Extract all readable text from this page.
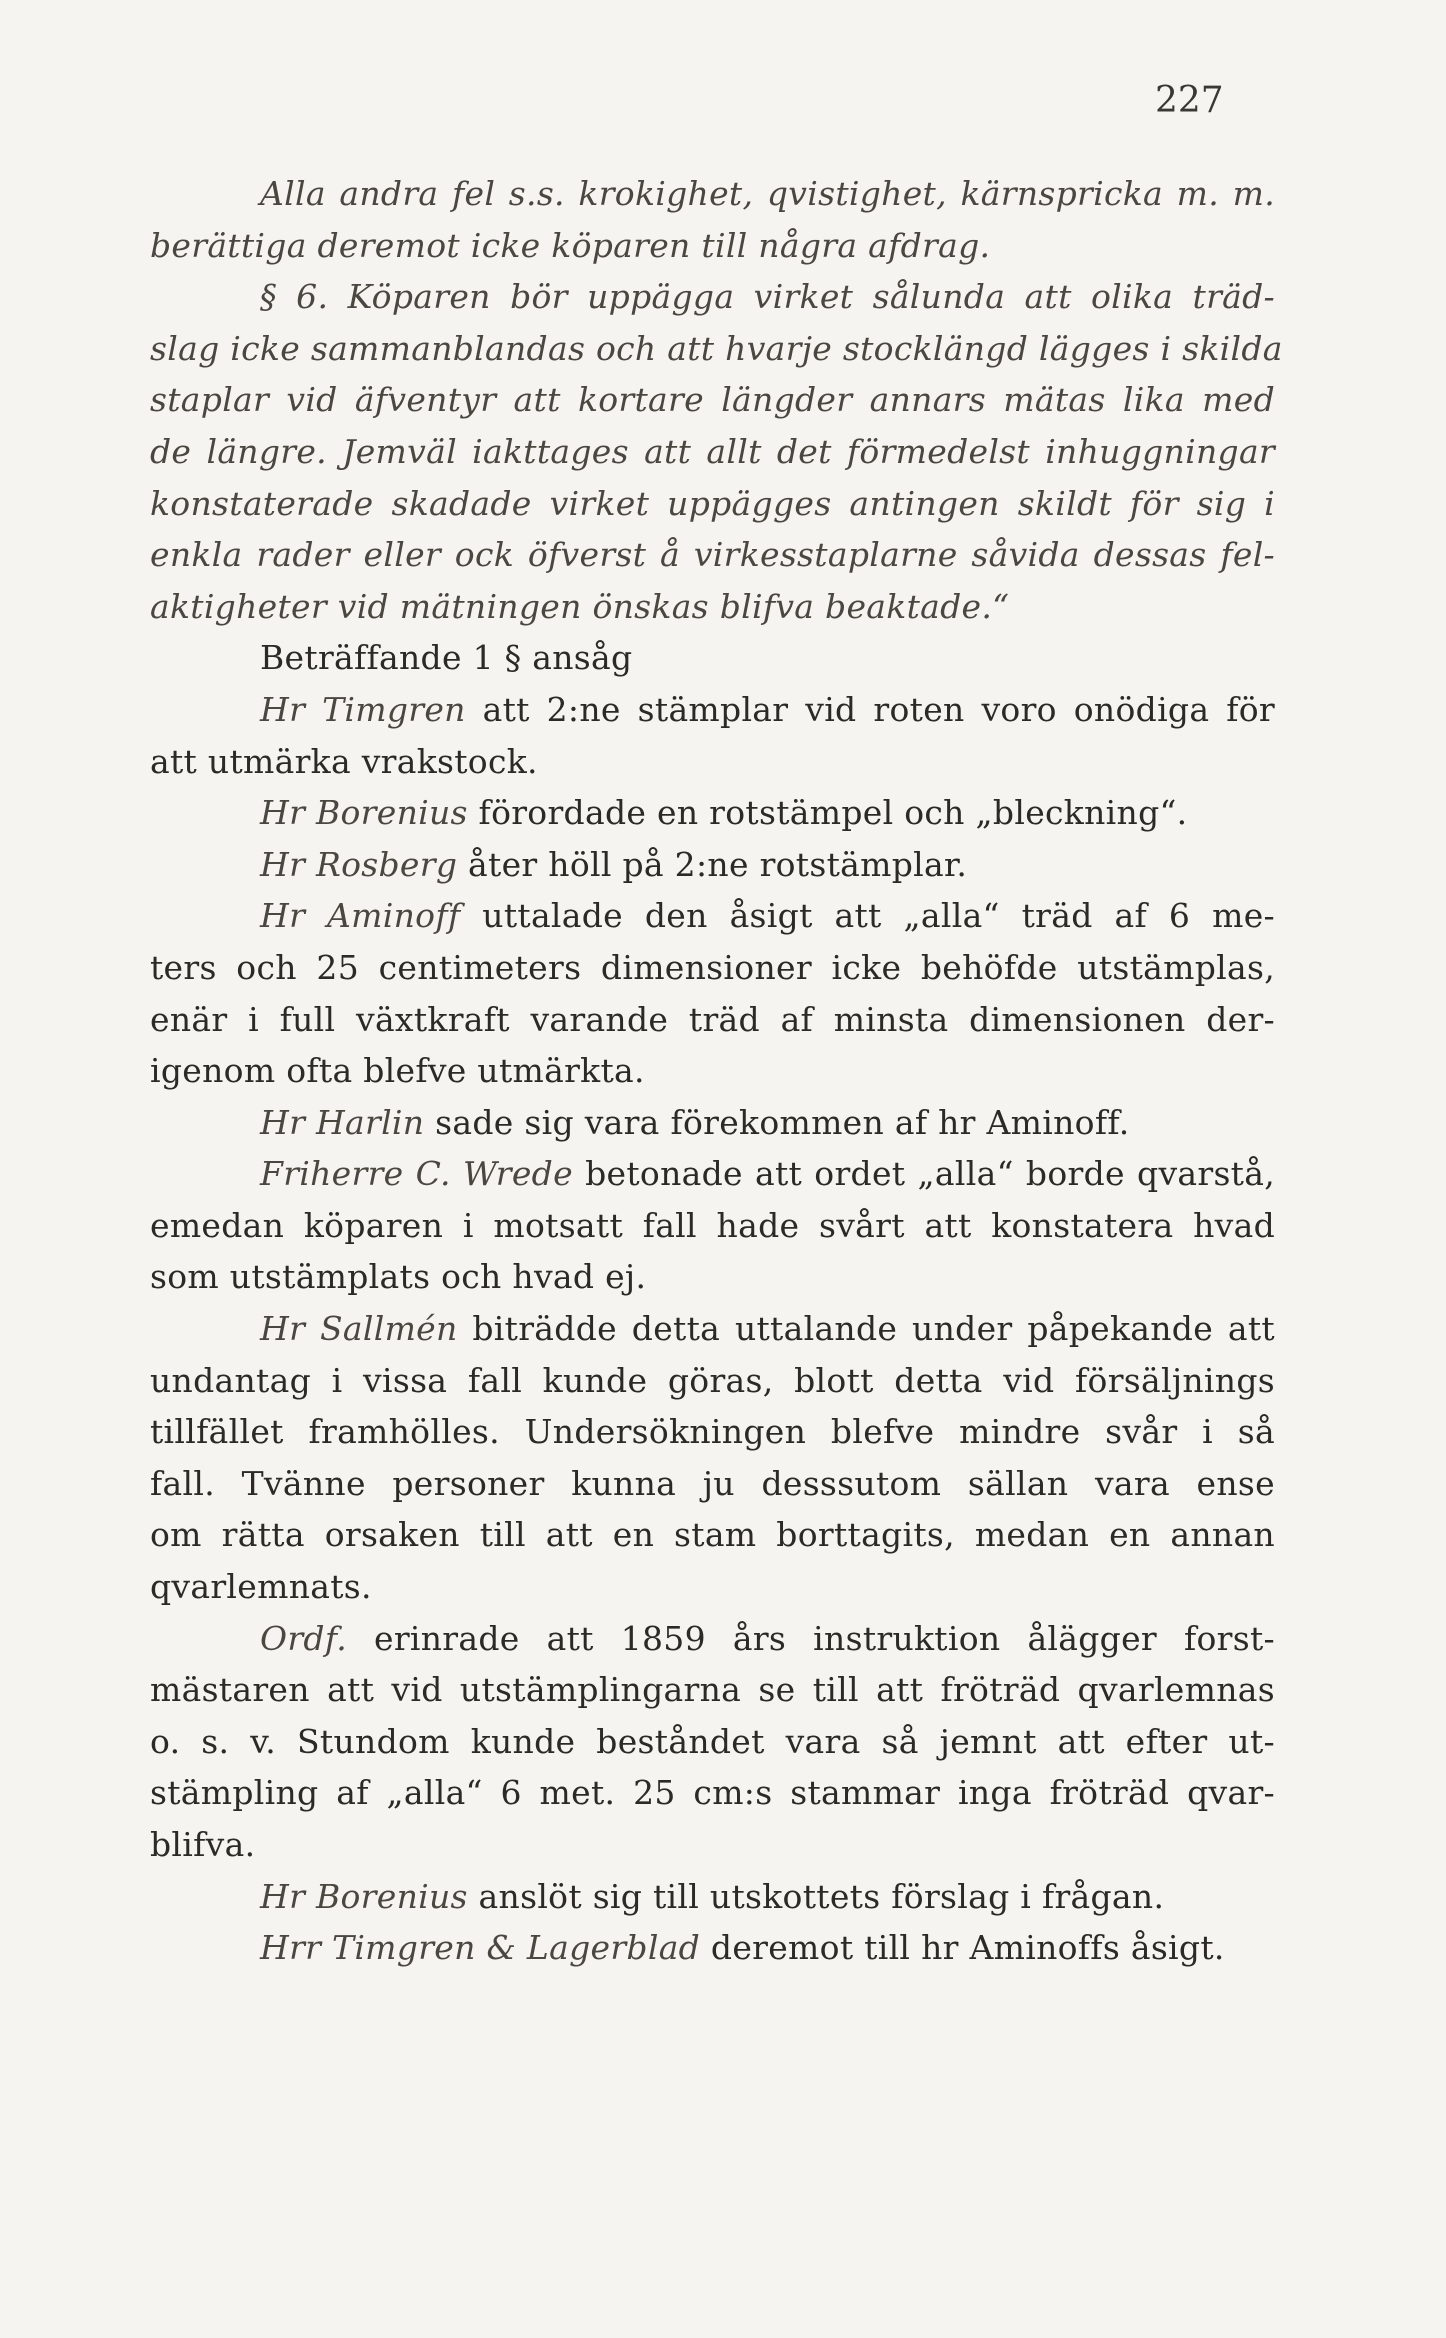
227
Alla andra fel s.s. krokighet, qvistighet, kärnspricka m. m.
berättiga deremot icke köparen till några afdrag.
§ 6. Köparen bör uppägga virket sålunda att olika träd-
slag icke sammanblandas och att hvarje stocklängd lägges i skilda
staplar vid äfventyr att kortare längder annars mätas lika med
de längre. Jemväl iakttages att allt det förmedelst inhuggningar
konstaterade skadade virket uppägges antingen skildt för sig i
enkla rader eller ock öfverst å virkesstaplarne såvida dessas fel-
aktigheter vid mätningen önskas blifva beaktade.“
Beträffande 1 § ansåg
Hr Timgren att 2:ne stämplar vid roten voro onödiga för
att utmärka vrakstock.
Hr Borenius förordade en rotstämpel och „bleckning“.
Hr Rosberg åter höll på 2:ne rotstämplar.
Hr Aminoff uttalade den åsigt att „alla“ träd af 6 me-
ters och 25 centimeters dimensioner icke behöfde utstämplas,
enär i full växtkraft varande träd af minsta dimensionen der-
igenom ofta blefve utmärkta.
Hr Harlin sade sig vara förekommen af hr Aminoff.
Friherre C. Wrede betonade att ordet „alla“ borde qvarstå,
emedan köparen i motsatt fall hade svårt att konstatera hvad
som utstämplats och hvad ej.
Hr Sallmén biträdde detta uttalande under påpekande att
undantag i vissa fall kunde göras, blott detta vid försäljnings
tillfället framhölles. Undersökningen blefve mindre svår i så
fall. Tvänne personer kunna ju desssutom sällan vara ense
om rätta orsaken till att en stam borttagits, medan en annan
qvarlemnats.
Ordf. erinrade att 1859 års instruktion ålägger forst-
mästaren att vid utstämplingarna se till att fröträd qvarlemnas
o. s. v. Stundom kunde beståndet vara så jemnt att efter ut-
stämpling af „alla“ 6 met. 25 cm:s stammar inga fröträd qvar-
blifva.
Hr Borenius anslöt sig till utskottets förslag i frågan.
Hrr Timgren & Lagerblad deremot till hr Aminoffs åsigt.
